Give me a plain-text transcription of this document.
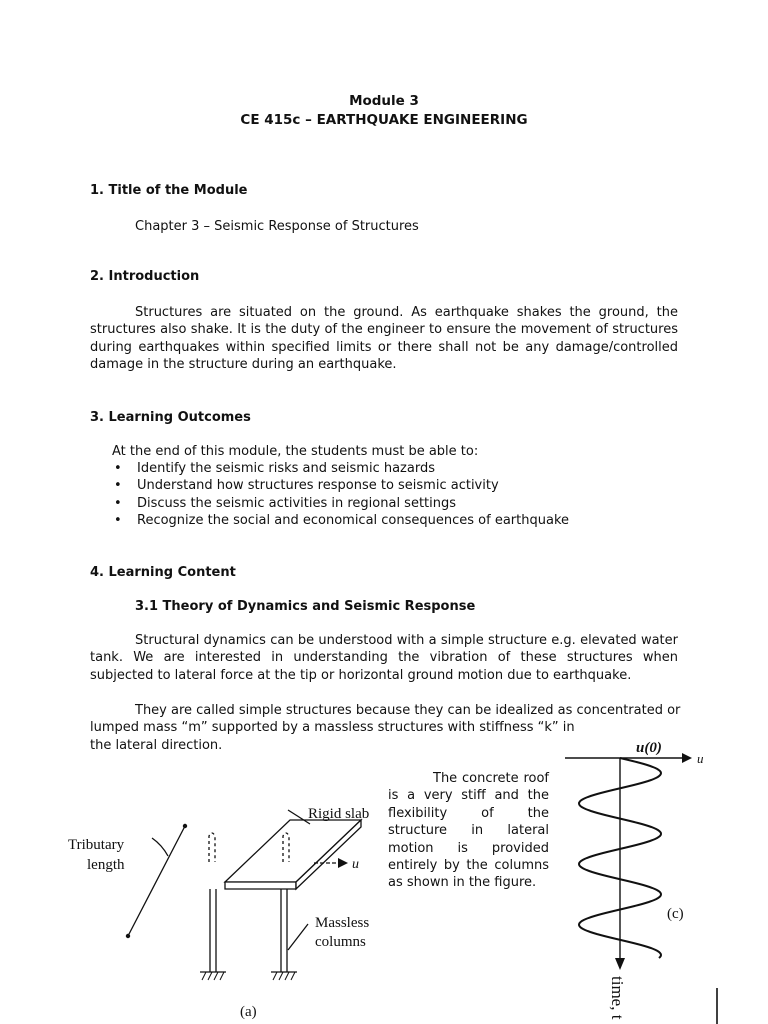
Module 3
CE 415c – EARTHQUAKE ENGINEERING
1. Title of the Module
Chapter 3 – Seismic Response of Structures
2. Introduction
Structures are situated on the ground. As earthquake shakes the ground, the structures also shake. It is the duty of the engineer to ensure the movement of structures during earthquakes within specified limits or there shall not be any damage/controlled damage in the structure during an earthquake.
3. Learning Outcomes
At the end of this module, the students must be able to:
• Identify the seismic risks and seismic hazards
• Understand how structures response to seismic activity
• Discuss the seismic activities in regional settings
• Recognize the social and economical consequences of earthquake
4. Learning Content
3.1 Theory of Dynamics and Seismic Response
Structural dynamics can be understood with a simple structure e.g. elevated water tank. We are interested in understanding the vibration of these structures when subjected to lateral force at the tip or horizontal ground motion due to earthquake.
They are called simple structures because they can be idealized as concentrated or
lumped mass “m” supported by a massless structures with stiffness “k” in
the lateral direction.
The concrete roof is a very stiff and the flexibility of the structure in lateral motion is provided entirely by the columns as shown in the figure.
Rigid slab
Tributary
length	u
Massless
columns
(a)
u(0)
u
(c)
time, t
